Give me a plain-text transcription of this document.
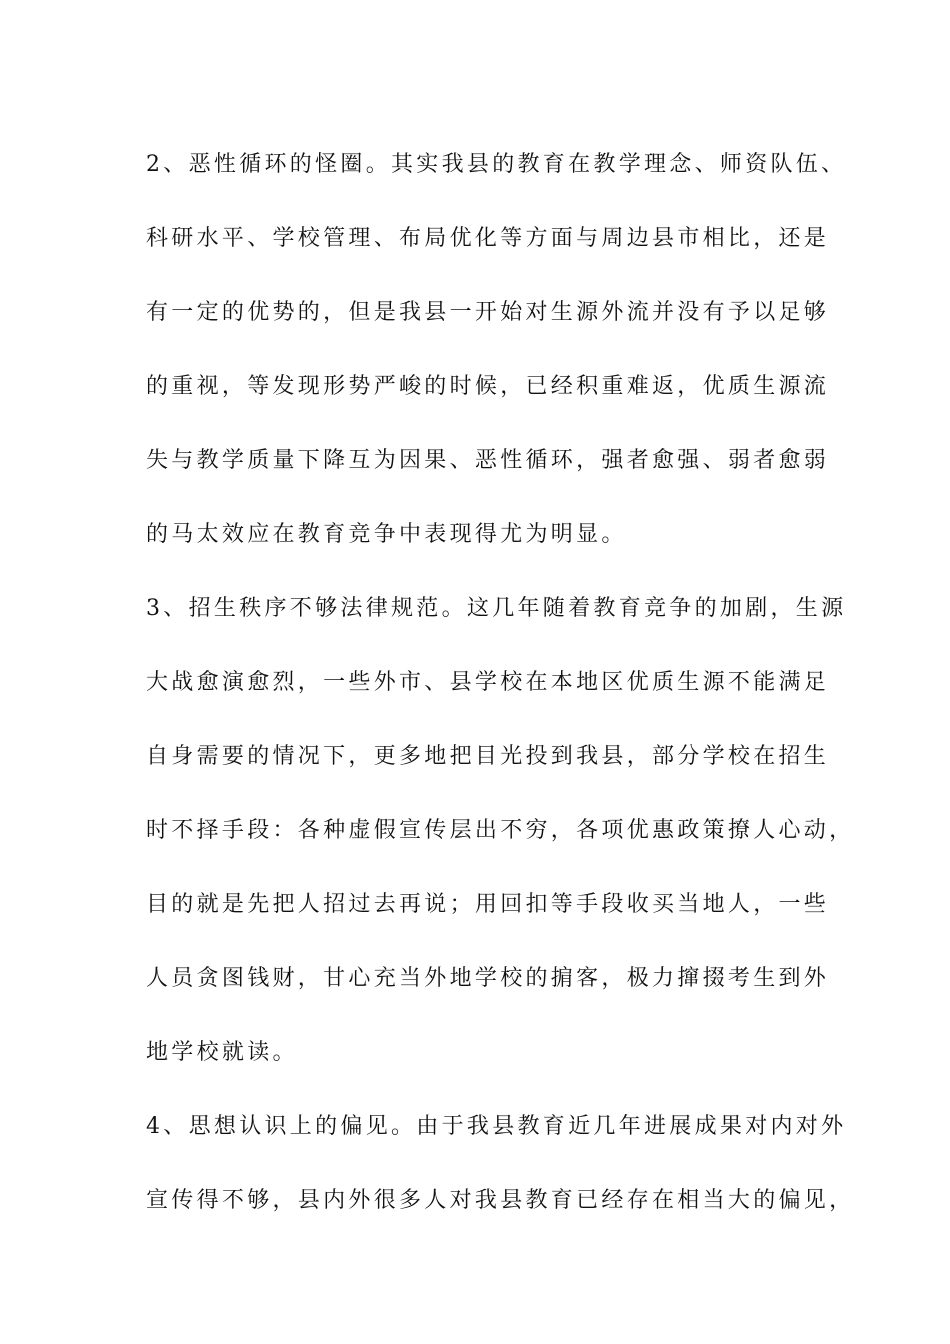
2、恶性循环的怪圈。其实我县的教育在教学理念、师资队伍、
科研水平、学校管理、布局优化等方面与周边县市相比，还是
有一定的优势的，但是我县一开始对生源外流并没有予以足够
的重视，等发现形势严峻的时候，已经积重难返，优质生源流
失与教学质量下降互为因果、恶性循环，强者愈强、弱者愈弱
的马太效应在教育竞争中表现得尤为明显。
3、招生秩序不够法律规范。这几年随着教育竞争的加剧，生源
大战愈演愈烈，一些外市、县学校在本地区优质生源不能满足
自身需要的情况下，更多地把目光投到我县，部分学校在招生
时不择手段：各种虚假宣传层出不穷，各项优惠政策撩人心动，
目的就是先把人招过去再说；用回扣等手段收买当地人，一些
人员贪图钱财，甘心充当外地学校的掮客，极力撺掇考生到外
地学校就读。
4、思想认识上的偏见。由于我县教育近几年进展成果对内对外
宣传得不够，县内外很多人对我县教育已经存在相当大的偏见，
